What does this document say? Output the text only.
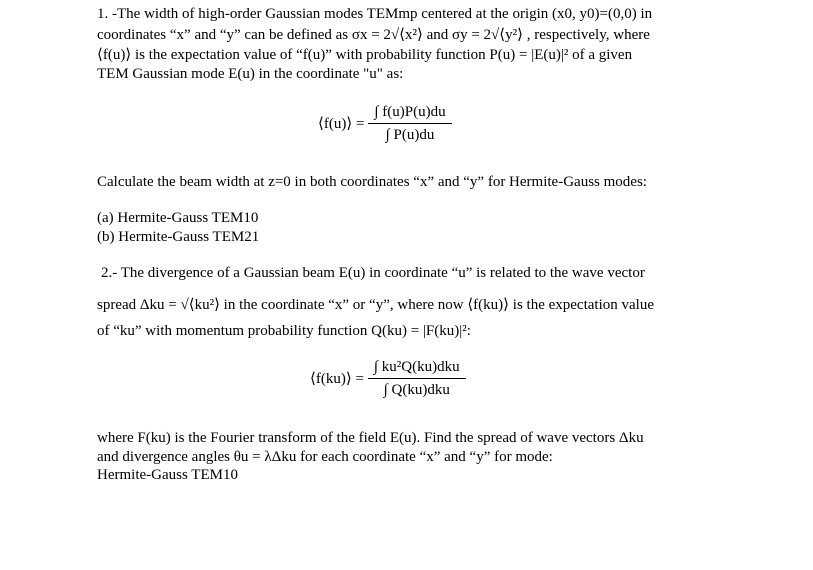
1. -The width of high-order Gaussian modes TEMmp centered at the origin (x0, y0)=(0,0) in
coordinates “x” and “y” can be defined as σx = 2√⟨x²⟩ and σy = 2√⟨y²⟩ , respectively, where
⟨f(u)⟩ is the expectation value of “f(u)” with probability function P(u) = |E(u)|² of a given
TEM Gaussian mode E(u) in the coordinate "u" as:
⟨f(u)⟩ = $\frac{\int f(u)P(u)du}{\int P(u)du}$
Calculate the beam width at z=0 in both coordinates “x” and “y” for Hermite-Gauss modes:
(a) Hermite-Gauss TEM10
(b) Hermite-Gauss TEM21
2.- The divergence of a Gaussian beam E(u) in coordinate “u” is related to the wave vector
spread Δku = √⟨ku²⟩ in the coordinate “x” or “y”, where now ⟨f(ku)⟩ is the expectation value
of “ku” with momentum probability function Q(ku) = |F(ku)|²:
⟨f(ku)⟩ = $\frac{\text{∫ ku²Q(ku)dku}}{\text{∫ Q(ku)dku}}$
where F(ku) is the Fourier transform of the field E(u). Find the spread of wave vectors Δku
and divergence angles θu = λΔku for each coordinate “x” and “y” for mode:
Hermite-Gauss TEM10
